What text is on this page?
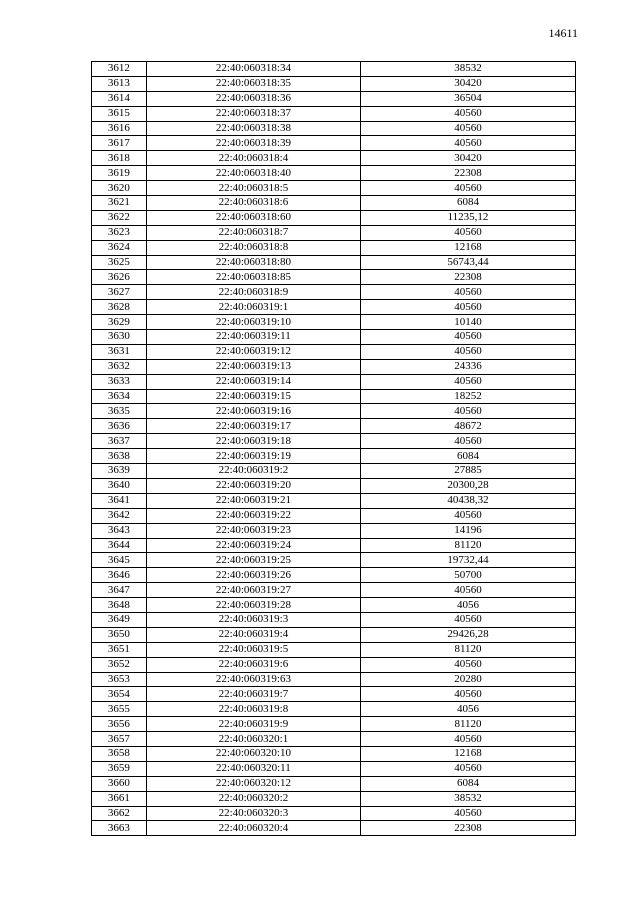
14611
3612	22:40:060318:34	38532
3613	22:40:060318:35	30420
3614	22:40:060318:36	36504
3615	22:40:060318:37	40560
3616	22:40:060318:38	40560
3617	22:40:060318:39	40560
3618	22:40:060318:4	30420
3619	22:40:060318:40	22308
3620	22:40:060318:5	40560
3621	22:40:060318:6	6084
3622	22:40:060318:60	11235,12
3623	22:40:060318:7	40560
3624	22:40:060318:8	12168
3625	22:40:060318:80	56743,44
3626	22:40:060318:85	22308
3627	22:40:060318:9	40560
3628	22:40:060319:1	40560
3629	22:40:060319:10	10140
3630	22:40:060319:11	40560
3631	22:40:060319:12	40560
3632	22:40:060319:13	24336
3633	22:40:060319:14	40560
3634	22:40:060319:15	18252
3635	22:40:060319:16	40560
3636	22:40:060319:17	48672
3637	22:40:060319:18	40560
3638	22:40:060319:19	6084
3639	22:40:060319:2	27885
3640	22:40:060319:20	20300,28
3641	22:40:060319:21	40438,32
3642	22:40:060319:22	40560
3643	22:40:060319:23	14196
3644	22:40:060319:24	81120
3645	22:40:060319:25	19732,44
3646	22:40:060319:26	50700
3647	22:40:060319:27	40560
3648	22:40:060319:28	4056
3649	22:40:060319:3	40560
3650	22:40:060319:4	29426,28
3651	22:40:060319:5	81120
3652	22:40:060319:6	40560
3653	22:40:060319:63	20280
3654	22:40:060319:7	40560
3655	22:40:060319:8	4056
3656	22:40:060319:9	81120
3657	22:40:060320:1	40560
3658	22:40:060320:10	12168
3659	22:40:060320:11	40560
3660	22:40:060320:12	6084
3661	22:40:060320:2	38532
3662	22:40:060320:3	40560
3663	22:40:060320:4	22308
